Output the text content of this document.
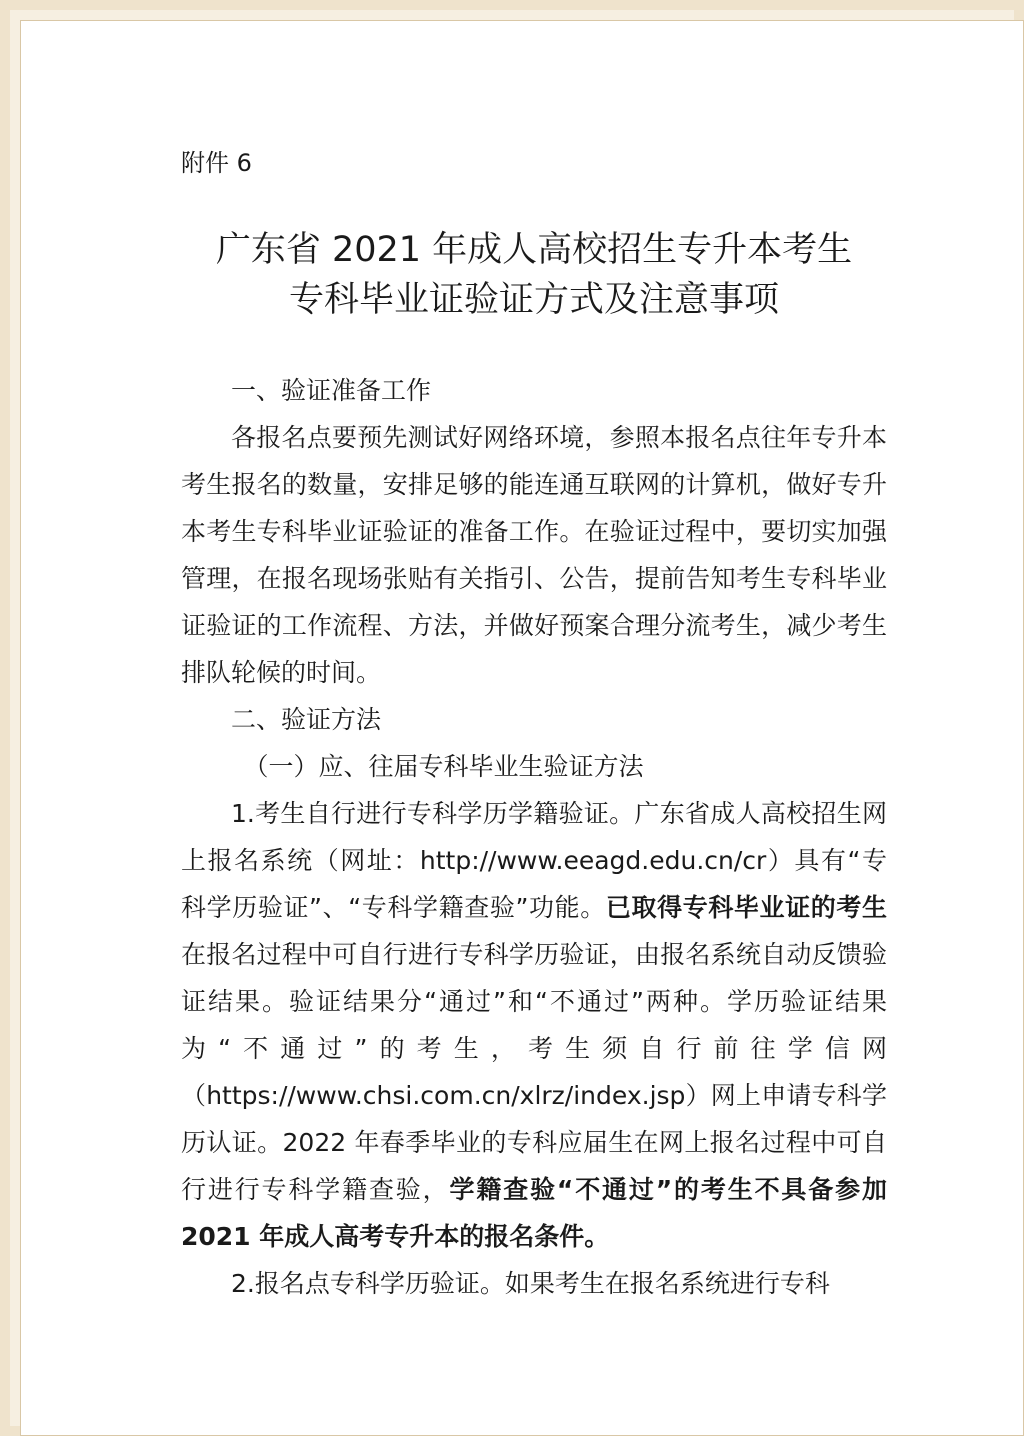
附件 6
广东省 2021 年成人高校招生专升本考生
专科毕业证验证方式及注意事项

一、验证准备工作

各报名点要预先测试好网络环境，参照本报名点往年专升本考生报名的数量，安排足够的能连通互联网的计算机，做好专升本考生专科毕业证验证的准备工作。在验证过程中，要切实加强管理，在报名现场张贴有关指引、公告，提前告知考生专科毕业证验证的工作流程、方法，并做好预案合理分流考生，减少考生排队轮候的时间。

二、验证方法

（一）应、往届专科毕业生验证方法

1.考生自行进行专科学历学籍验证。广东省成人高校招生网上报名系统（网址：http://www.eeagd.edu.cn/cr）具有“专科学历验证”、“专科学籍查验”功能。已取得专科毕业证的考生在报名过程中可自行进行专科学历验证，由报名系统自动反馈验证结果。验证结果分“通过”和“不通过”两种。学历验证结果为“不通过”的考生，考生须自行前往学信网（https://www.chsi.com.cn/xlrz/index.jsp）网上申请专科学历认证。2022 年春季毕业的专科应届生在网上报名过程中可自行进行专科学籍查验，学籍查验“不通过”的考生不具备参加 2021 年成人高考专升本的报名条件。

2.报名点专科学历验证。如果考生在报名系统进行专科
